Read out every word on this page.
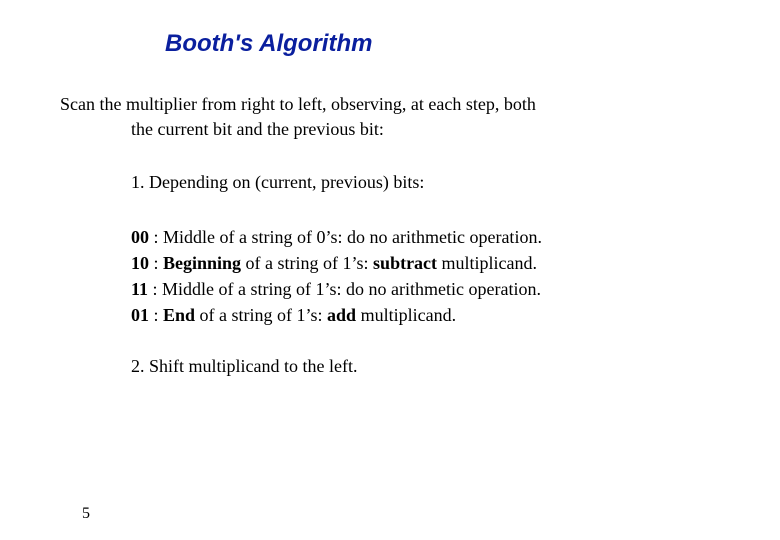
Booth's Algorithm
Scan the multiplier from right to left, observing, at each step, both
the current bit and the previous bit:
1. Depending on (current, previous) bits:
00 : Middle of a string of 0’s: do no arithmetic operation.
10 : Beginning of a string of 1’s: subtract multiplicand.
11 : Middle of a string of 1’s: do no arithmetic operation.
01 : End of a string of 1’s: add multiplicand.
2. Shift multiplicand to the left.
5
